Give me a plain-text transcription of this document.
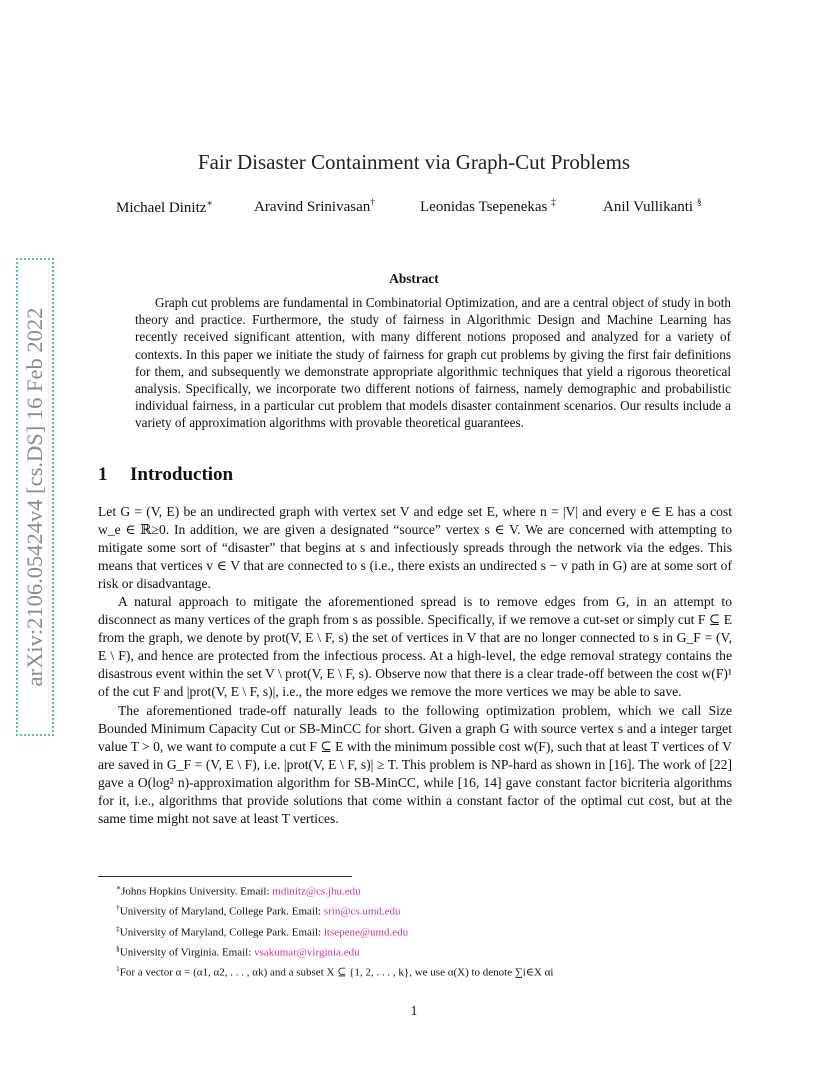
arXiv:2106.05424v4 [cs.DS] 16 Feb 2022
Fair Disaster Containment via Graph-Cut Problems
Michael Dinitz∗	Aravind Srinivasan†	Leonidas Tsepenekas ‡	Anil Vullikanti §
Abstract

Graph cut problems are fundamental in Combinatorial Optimization, and are a central object of study in both theory and practice. Furthermore, the study of fairness in Algorithmic Design and Machine Learning has recently received significant attention, with many different notions proposed and analyzed for a variety of contexts. In this paper we initiate the study of fairness for graph cut problems by giving the first fair definitions for them, and subsequently we demonstrate appropriate algorithmic techniques that yield a rigorous theoretical analysis. Specifically, we incorporate two different notions of fairness, namely demographic and probabilistic individual fairness, in a particular cut problem that models disaster containment scenarios. Our results include a variety of approximation algorithms with provable theoretical guarantees.

1 Introduction

Let G = (V, E) be an undirected graph with vertex set V and edge set E, where n = |V| and every e ∈ E has a cost w_e ∈ ℝ≥0. In addition, we are given a designated “source” vertex s ∈ V. We are concerned with attempting to mitigate some sort of “disaster” that begins at s and infectiously spreads through the network via the edges. This means that vertices v ∈ V that are connected to s (i.e., there exists an undirected s − v path in G) are at some sort of risk or disadvantage.

A natural approach to mitigate the aforementioned spread is to remove edges from G, in an attempt to disconnect as many vertices of the graph from s as possible. Specifically, if we remove a cut-set or simply cut F ⊆ E from the graph, we denote by prot(V, E \ F, s) the set of vertices in V that are no longer connected to s in G_F = (V, E \ F), and hence are protected from the infectious process. At a high-level, the edge removal strategy contains the disastrous event within the set V \ prot(V, E \ F, s). Observe now that there is a clear trade-off between the cost w(F)¹ of the cut F and |prot(V, E \ F, s)|, i.e., the more edges we remove the more vertices we may be able to save.

The aforementioned trade-off naturally leads to the following optimization problem, which we call Size Bounded Minimum Capacity Cut or SB-MinCC for short. Given a graph G with source vertex s and a integer target value T > 0, we want to compute a cut F ⊆ E with the minimum possible cost w(F), such that at least T vertices of V are saved in G_F = (V, E \ F), i.e. |prot(V, E \ F, s)| ≥ T. This problem is NP-hard as shown in [16]. The work of [22] gave a O(log² n)-approximation algorithm for SB-MinCC, while [16, 14] gave constant factor bicriteria algorithms for it, i.e., algorithms that provide solutions that come within a constant factor of the optimal cut cost, but at the same time might not save at least T vertices.

∗Johns Hopkins University. Email: mdinitz@cs.jhu.edu
†University of Maryland, College Park. Email: srin@cs.umd.edu
‡University of Maryland, College Park. Email: ltsepene@umd.edu
§University of Virginia. Email: vsakumar@virginia.edu
$^1$For a vector α = (α1, α2, . . . , αk) and a subset X ⊆ {1, 2, . . . , k}, we use α(X) to denote ∑i∈X αi
1
